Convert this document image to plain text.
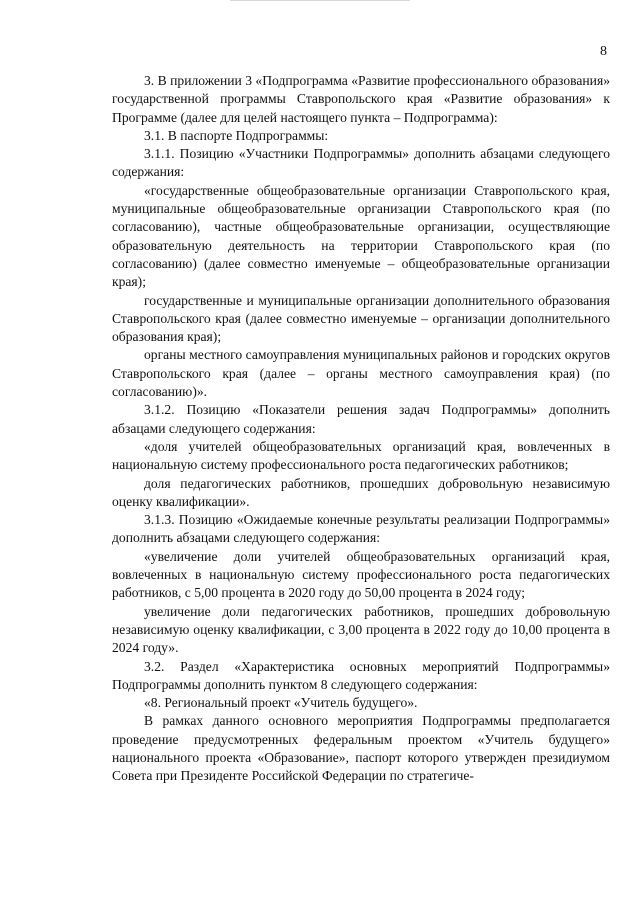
8

3. В приложении 3 «Подпрограмма «Развитие профессионального образования» государственной программы Ставропольского края «Развитие образования» к Программе (далее для целей настоящего пункта – Подпрограмма):

3.1. В паспорте Подпрограммы:

3.1.1. Позицию «Участники Подпрограммы» дополнить абзацами следующего содержания:

«государственные общеобразовательные организации Ставропольского края, муниципальные общеобразовательные организации Ставропольского края (по согласованию), частные общеобразовательные организации, осуществляющие образовательную деятельность на территории Ставропольского края (по согласованию) (далее совместно именуемые – общеобразовательные организации края);

государственные и муниципальные организации дополнительного образования Ставропольского края (далее совместно именуемые – организации дополнительного образования края);

органы местного самоуправления муниципальных районов и городских округов Ставропольского края (далее – органы местного самоуправления края) (по согласованию)».

3.1.2. Позицию «Показатели решения задач Подпрограммы» дополнить абзацами следующего содержания:

«доля учителей общеобразовательных организаций края, вовлеченных в национальную систему профессионального роста педагогических работников;

доля педагогических работников, прошедших добровольную независимую оценку квалификации».

3.1.3. Позицию «Ожидаемые конечные результаты реализации Подпрограммы» дополнить абзацами следующего содержания:

«увеличение доли учителей общеобразовательных организаций края, вовлеченных в национальную систему профессионального роста педагогических работников, с 5,00 процента в 2020 году до 50,00 процента в 2024 году;

увеличение доли педагогических работников, прошедших добровольную независимую оценку квалификации, с 3,00 процента в 2022 году до 10,00 процента в 2024 году».

3.2. Раздел «Характеристика основных мероприятий Подпрограммы» Подпрограммы дополнить пунктом 8 следующего содержания:

«8. Региональный проект «Учитель будущего».

В рамках данного основного мероприятия Подпрограммы предполагается проведение предусмотренных федеральным проектом «Учитель будущего» национального проекта «Образование», паспорт которого утвержден президиумом Совета при Президенте Российской Федерации по стратегиче-
